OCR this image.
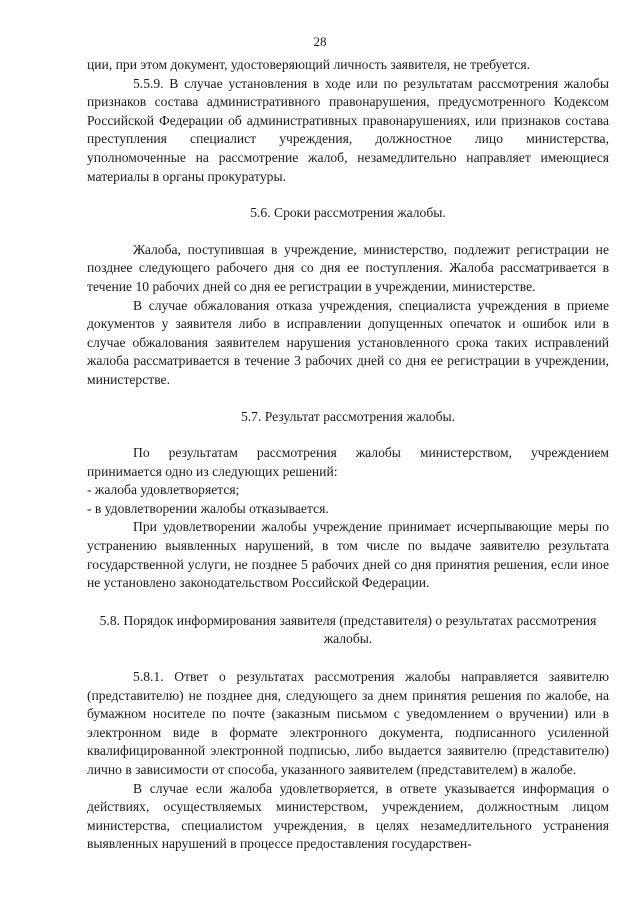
28

ции, при этом документ, удостоверяющий личность заявителя, не требуется.

5.5.9. В случае установления в ходе или по результатам рассмотрения жалобы признаков состава административного правонарушения, предусмотренного Кодексом Российской Федерации об административных правонарушениях, или признаков состава преступления специалист учреждения, должностное лицо министерства, уполномоченные на рассмотрение жалоб, незамедлительно направляет имеющиеся материалы в органы прокуратуры.

5.6. Сроки рассмотрения жалобы.

Жалоба, поступившая в учреждение, министерство, подлежит регистрации не позднее следующего рабочего дня со дня ее поступления. Жалоба рассматривается в течение 10 рабочих дней со дня ее регистрации в учреждении, министерстве.

В случае обжалования отказа учреждения, специалиста учреждения в приеме документов у заявителя либо в исправлении допущенных опечаток и ошибок или в случае обжалования заявителем нарушения установленного срока таких исправлений жалоба рассматривается в течение 3 рабочих дней со дня ее регистрации в учреждении, министерстве.

5.7. Результат рассмотрения жалобы.

По результатам рассмотрения жалобы министерством, учреждением принимается одно из следующих решений:

- жалоба удовлетворяется;

- в удовлетворении жалобы отказывается.

При удовлетворении жалобы учреждение принимает исчерпывающие меры по устранению выявленных нарушений, в том числе по выдаче заявителю результата государственной услуги, не позднее 5 рабочих дней со дня принятия решения, если иное не установлено законодательством Российской Федерации.

5.8. Порядок информирования заявителя (представителя) о результатах рассмотрения жалобы.

5.8.1. Ответ о результатах рассмотрения жалобы направляется заявителю (представителю) не позднее дня, следующего за днем принятия решения по жалобе, на бумажном носителе по почте (заказным письмом с уведомлением о вручении) или в электронном виде в формате электронного документа, подписанного усиленной квалифицированной электронной подписью, либо выдается заявителю (представителю) лично в зависимости от способа, указанного заявителем (представителем) в жалобе.

В случае если жалоба удовлетворяется, в ответе указывается информация о действиях, осуществляемых министерством, учреждением, должностным лицом министерства, специалистом учреждения, в целях незамедлительного устранения выявленных нарушений в процессе предоставления государствен-
